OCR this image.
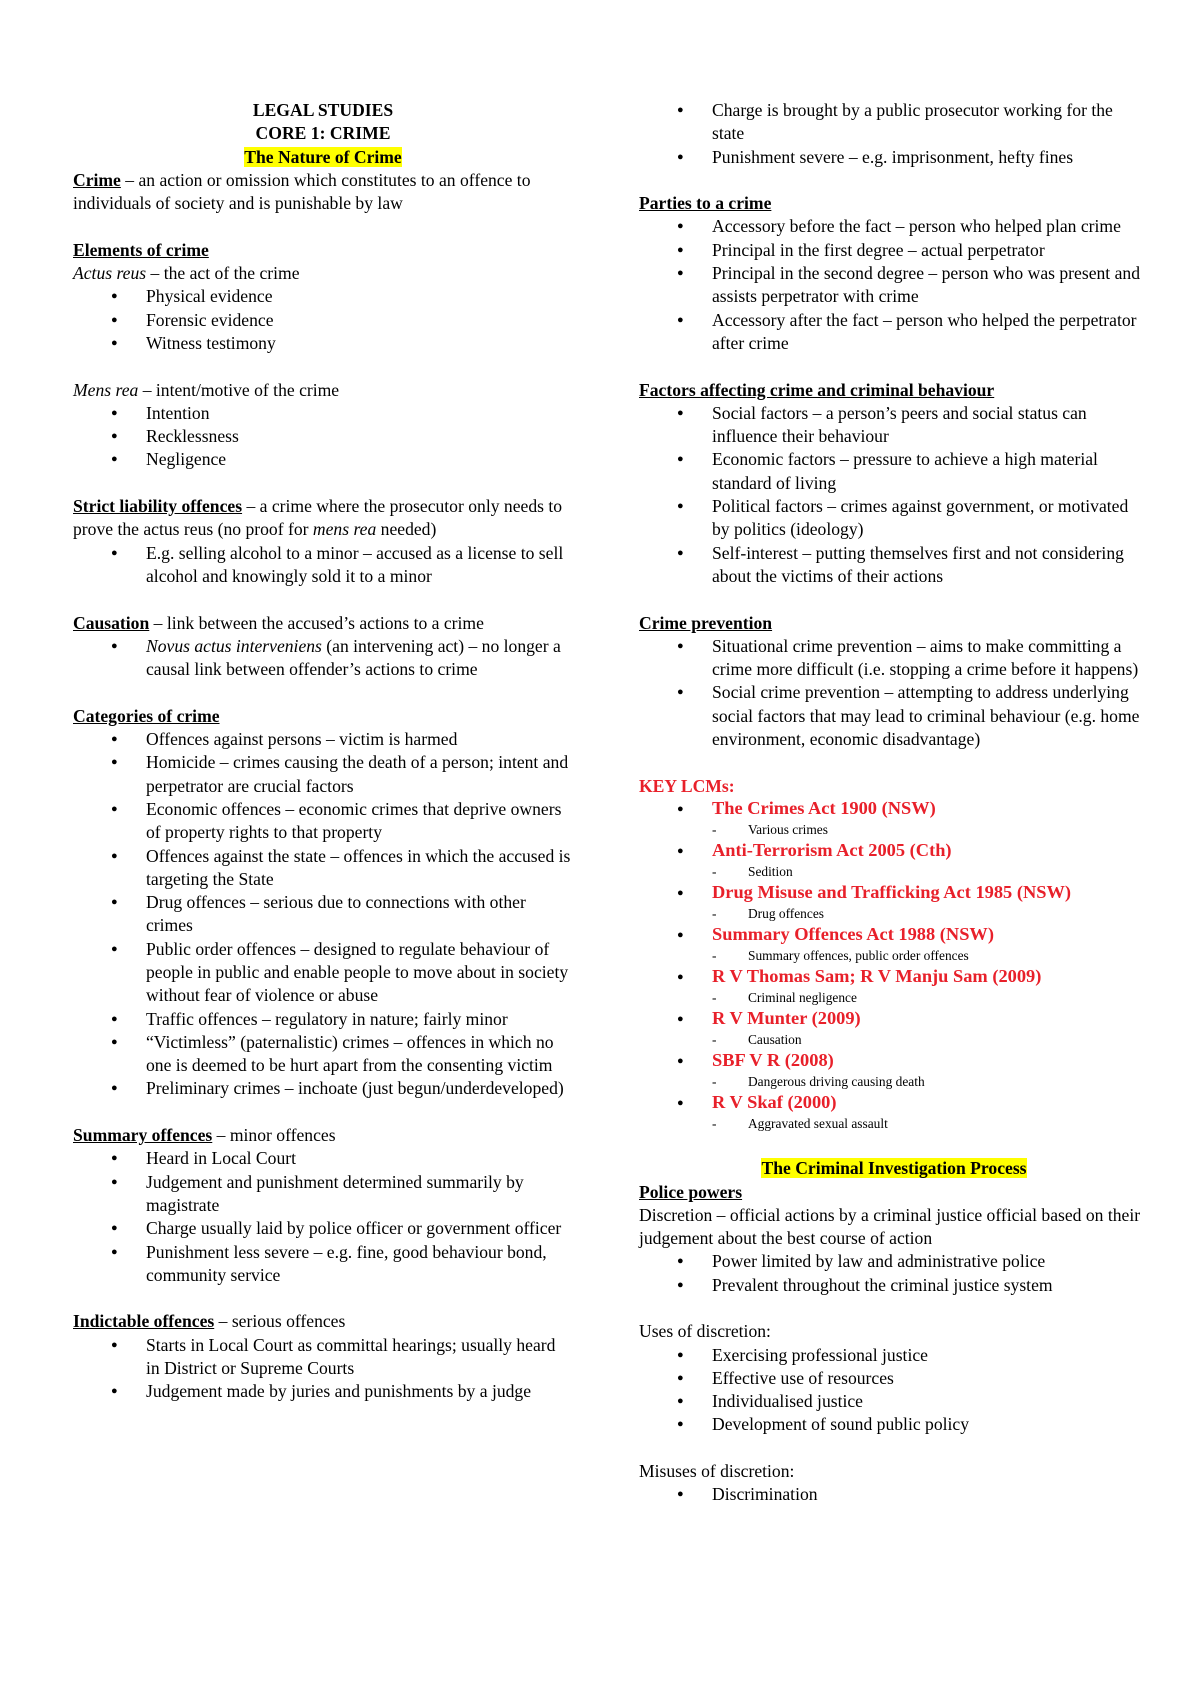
LEGAL STUDIES
CORE 1: CRIME
The Nature of Crime
Crime – an action or omission which constitutes to an offence to individuals of society and is punishable by law
Elements of crime
Actus reus – the act of the crime
● Physical evidence
● Forensic evidence
● Witness testimony
Mens rea – intent/motive of the crime
● Intention
● Recklessness
● Negligence
Strict liability offences – a crime where the prosecutor only needs to prove the actus reus (no proof for mens rea needed)
● E.g. selling alcohol to a minor – accused as a license to sell alcohol and knowingly sold it to a minor
Causation – link between the accused’s actions to a crime
● Novus actus interveniens (an intervening act) – no longer a causal link between offender’s actions to crime
Categories of crime
● Offences against persons – victim is harmed
● Homicide – crimes causing the death of a person; intent and perpetrator are crucial factors
● Economic offences – economic crimes that deprive owners of property rights to that property
● Offences against the state – offences in which the accused is targeting the State
● Drug offences – serious due to connections with other crimes
● Public order offences – designed to regulate behaviour of people in public and enable people to move about in society without fear of violence or abuse
● Traffic offences – regulatory in nature; fairly minor
● “Victimless” (paternalistic) crimes – offences in which no one is deemed to be hurt apart from the consenting victim
● Preliminary crimes – inchoate (just begun/underdeveloped)
Summary offences – minor offences
● Heard in Local Court
● Judgement and punishment determined summarily by magistrate
● Charge usually laid by police officer or government officer
● Punishment less severe – e.g. fine, good behaviour bond, community service
Indictable offences – serious offences
● Starts in Local Court as committal hearings; usually heard in District or Supreme Courts
● Judgement made by juries and punishments by a judge
● Charge is brought by a public prosecutor working for the state
● Punishment severe – e.g. imprisonment, hefty fines
Parties to a crime
● Accessory before the fact – person who helped plan crime
● Principal in the first degree – actual perpetrator
● Principal in the second degree – person who was present and assists perpetrator with crime
● Accessory after the fact – person who helped the perpetrator after crime
Factors affecting crime and criminal behaviour
● Social factors – a person’s peers and social status can influence their behaviour
● Economic factors – pressure to achieve a high material standard of living
● Political factors – crimes against government, or motivated by politics (ideology)
● Self-interest – putting themselves first and not considering about the victims of their actions
Crime prevention
● Situational crime prevention – aims to make committing a crime more difficult (i.e. stopping a crime before it happens)
● Social crime prevention – attempting to address underlying social factors that may lead to criminal behaviour (e.g. home environment, economic disadvantage)
KEY LCMs:
● The Crimes Act 1900 (NSW)
- Various crimes
● Anti-Terrorism Act 2005 (Cth)
- Sedition
● Drug Misuse and Trafficking Act 1985 (NSW)
- Drug offences
● Summary Offences Act 1988 (NSW)
- Summary offences, public order offences
● R V Thomas Sam; R V Manju Sam (2009)
- Criminal negligence
● R V Munter (2009)
- Causation
● SBF V R (2008)
- Dangerous driving causing death
● R V Skaf (2000)
- Aggravated sexual assault
The Criminal Investigation Process
Police powers
Discretion – official actions by a criminal justice official based on their judgement about the best course of action
● Power limited by law and administrative police
● Prevalent throughout the criminal justice system
Uses of discretion:
● Exercising professional justice
● Effective use of resources
● Individualised justice
● Development of sound public policy
Misuses of discretion:
● Discrimination
